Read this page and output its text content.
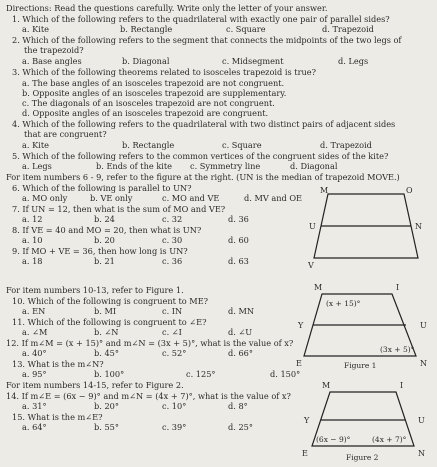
Directions: Read the questions carefully. Write only the letter of your answer.
1. Which of the following refers to the quadrilateral with exactly one pair of parallel sides?
a. Kite	b. Rectangle	c. Square	d. Trapezoid
2. Which of the following refers to the segment that connects the midpoints of the two legs of
the trapezoid?
a. Base angles	b. Diagonal	c. Midsegment	d. Legs
3. Which of the following theorems related to isosceles trapezoid is true?
a. The base angles of an isosceles trapezoid are not congruent.
b. Opposite angles of an isosceles trapezoid are supplementary.
c. The diagonals of an isosceles trapezoid are not congruent.
d. Opposite angles of an isosceles trapezoid are congruent.
4. Which of the following refers to the quadrilateral with two distinct pairs of adjacent sides
that are congruent?
a. Kite	b. Rectangle	c. Square	d. Trapezoid
5. Which of the following refers to the common vertices of the congruent sides of the kite?
a. Legs	b. Ends of the kite c. Symmetry line	d. Diagonal
For item numbers 6 - 9, refer to the figure at the right. (UN is the median of trapezoid MOVE.)
6. Which of the following is parallel to UN?
a. MO only	b. VE only	c. MO and VE	d. MV and OE
7. If UN = 12, then what is the sum of MO and VE?
a. 12	b. 24	c. 32	d. 36
8. If VE = 40 and MO = 20, then what is UN?
a. 10	b. 20	c. 30	d. 60
9. If MO + VE = 36, then how long is UN?
a. 18	b. 21	c. 36	d. 63
M	O
U	N
V
For item numbers 10-13, refer to Figure 1.
10. Which of the following is congruent to ME?
a. EN	b. MI	c. IN	d. MN
11. Which of the following is congruent to ∠E?
a. ∠M	b. ∠N	c. ∠I	d. ∠U
12. If m∠M = (x + 15)° and m∠N = (3x + 5)°, what is the value of x?
a. 40°	b. 45°	c. 52°	d. 66°
13. What is the m∠N?
a. 95°	b. 100°	c. 125°	d. 150°
M	I
Y	U
E	N
(x + 15)°
(3x + 5)°
Figure 1
For item numbers 14-15, refer to Figure 2.
14. If m∠E = (6x − 9)° and m∠N = (4x + 7)°, what is the value of x?
a. 31°	b. 20°	c. 10°	d. 8°
15. What is the m∠E?
a. 64°	b. 55°	c. 39°	d. 25°
M	I
Y	U
E	N
(6x − 9)°	(4x + 7)°
Figure 2
